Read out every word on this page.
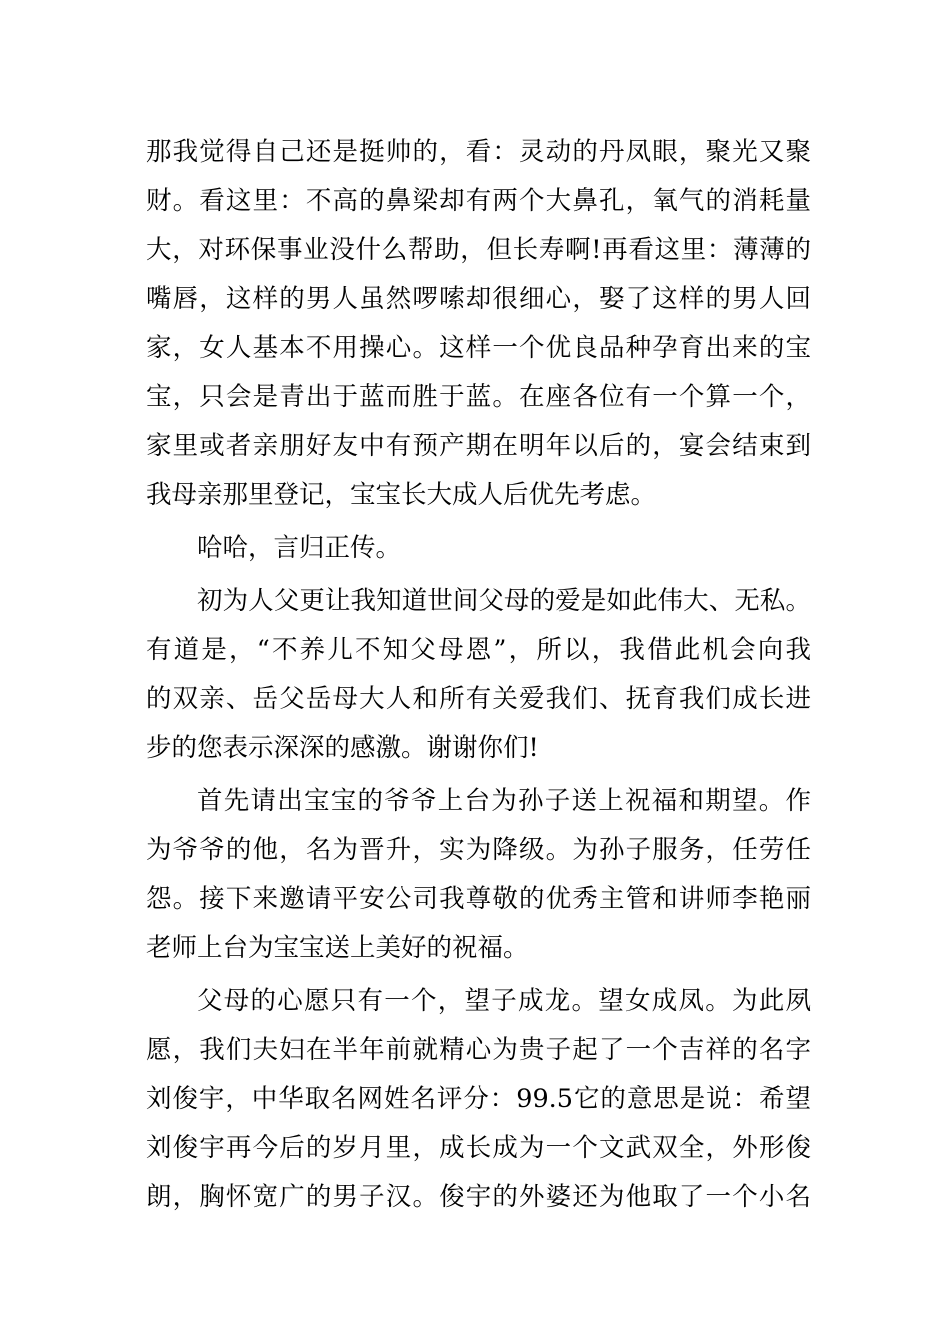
那我觉得自己还是挺帅的，看：灵动的丹凤眼，聚光又聚
财。看这里：不高的鼻梁却有两个大鼻孔，氧气的消耗量
大，对环保事业没什么帮助，但长寿啊!再看这里：薄薄的
嘴唇，这样的男人虽然啰嗦却很细心，娶了这样的男人回
家，女人基本不用操心。这样一个优良品种孕育出来的宝
宝，只会是青出于蓝而胜于蓝。在座各位有一个算一个，
家里或者亲朋好友中有预产期在明年以后的，宴会结束到
我母亲那里登记，宝宝长大成人后优先考虑。
哈哈，言归正传。
初为人父更让我知道世间父母的爱是如此伟大、无私。
有道是，“不养儿不知父母恩”，所以，我借此机会向我
的双亲、岳父岳母大人和所有关爱我们、抚育我们成长进
步的您表示深深的感激。谢谢你们!
首先请出宝宝的爷爷上台为孙子送上祝福和期望。作
为爷爷的他，名为晋升，实为降级。为孙子服务，任劳任
怨。接下来邀请平安公司我尊敬的优秀主管和讲师李艳丽
老师上台为宝宝送上美好的祝福。
父母的心愿只有一个，望子成龙。望女成凤。为此夙
愿，我们夫妇在半年前就精心为贵子起了一个吉祥的名字
刘俊宇，中华取名网姓名评分：99.5它的意思是说：希望
刘俊宇再今后的岁月里，成长成为一个文武双全，外形俊
朗，胸怀宽广的男子汉。俊宇的外婆还为他取了一个小名
